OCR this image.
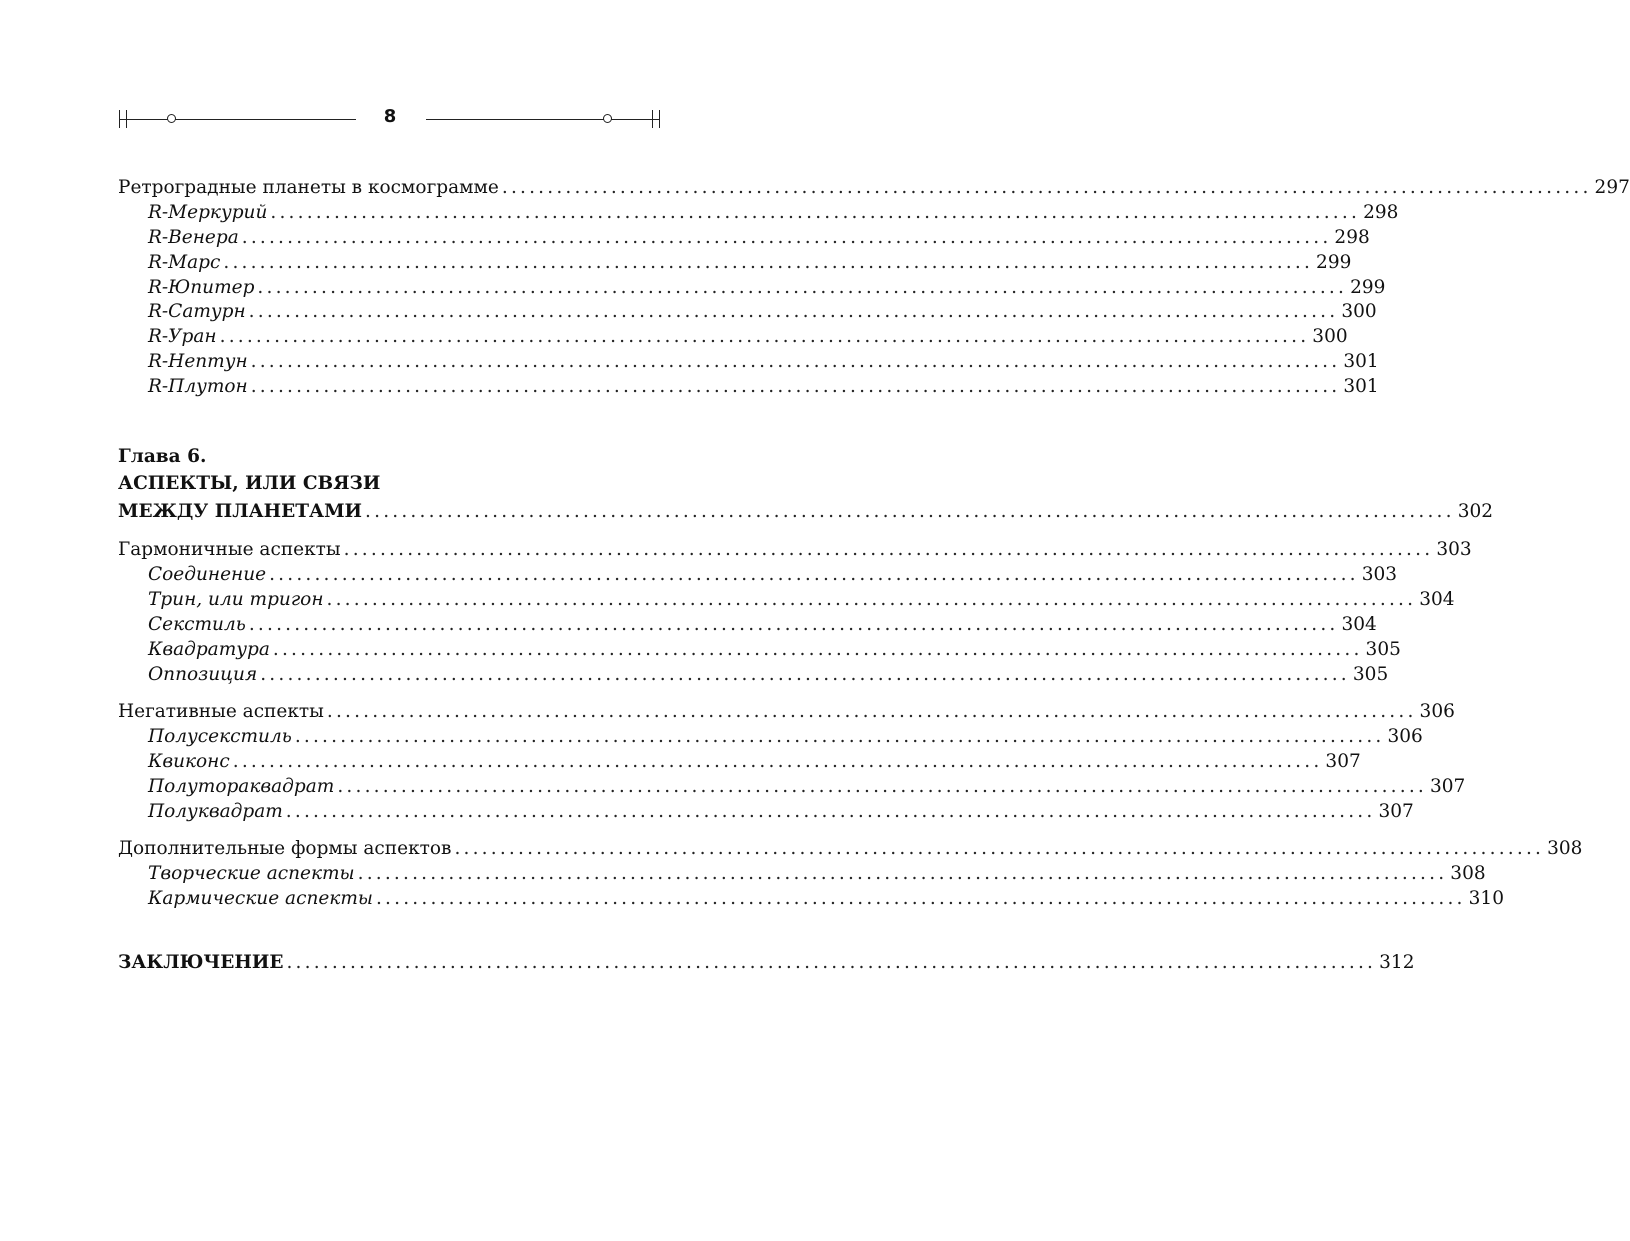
8
Ретроградные планеты в космограмме ........................................................................................................................ 297
R-Меркурий ........................................................................................................................ 298
R-Венера ........................................................................................................................ 298
R-Марс ........................................................................................................................ 299
R-Юпитер ........................................................................................................................ 299
R-Сатурн ........................................................................................................................ 300
R-Уран ........................................................................................................................ 300
R-Нептун ........................................................................................................................ 301
R-Плутон ........................................................................................................................ 301
Глава 6.
АСПЕКТЫ, ИЛИ СВЯЗИ
МЕЖДУ ПЛАНЕТАМИ ........................................................................................................................ 302
Гармоничные аспекты ........................................................................................................................ 303
Соединение ........................................................................................................................ 303
Трин, или тригон ........................................................................................................................ 304
Секстиль ........................................................................................................................ 304
Квадратура ........................................................................................................................ 305
Оппозиция ........................................................................................................................ 305
Негативные аспекты ........................................................................................................................ 306
Полусекстиль ........................................................................................................................ 306
Квиконс ........................................................................................................................ 307
Полуторaквадрат ........................................................................................................................ 307
Полуквадрат ........................................................................................................................ 307
Дополнительные формы аспектов ........................................................................................................................ 308
Творческие аспекты ........................................................................................................................ 308
Кармические аспекты ........................................................................................................................ 310
ЗАКЛЮЧЕНИЕ ........................................................................................................................ 312
